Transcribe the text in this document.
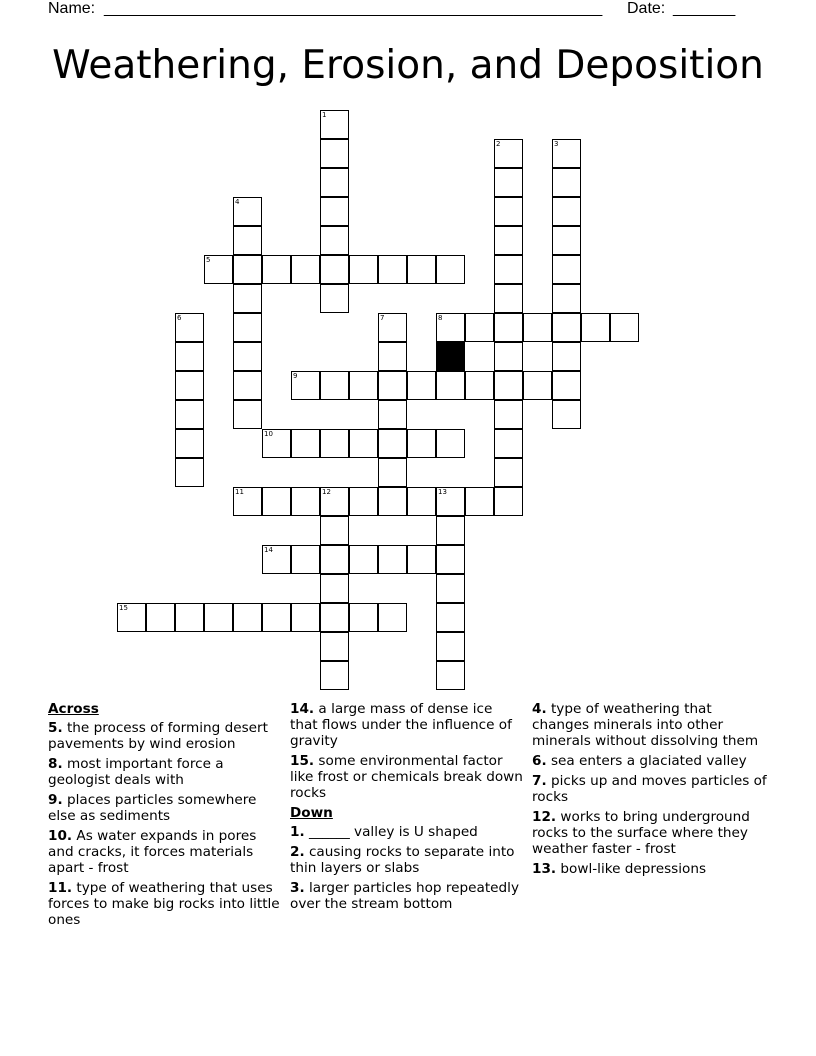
Name: ________________________________________________________ Date: _______
Weathering, Erosion, and Deposition
1
2	3
4
5
6	7	8
9
10
11	12	13
14
15
Across
5. the process of forming desert pavements by wind erosion
8. most important force a geologist deals with
9. places particles somewhere else as sediments
10. As water expands in pores and cracks, it forces materials apart - frost
11. type of weathering that uses forces to make big rocks into little ones
14. a large mass of dense ice that flows under the influence of gravity
15. some environmental factor like frost or chemicals break down rocks
Down
1. ______ valley is U shaped
2. causing rocks to separate into thin layers or slabs
3. larger particles hop repeatedly over the stream bottom
4. type of weathering that changes minerals into other minerals without dissolving them
6. sea enters a glaciated valley
7. picks up and moves particles of rocks
12. works to bring underground rocks to the surface where they weather faster - frost
13. bowl-like depressions
